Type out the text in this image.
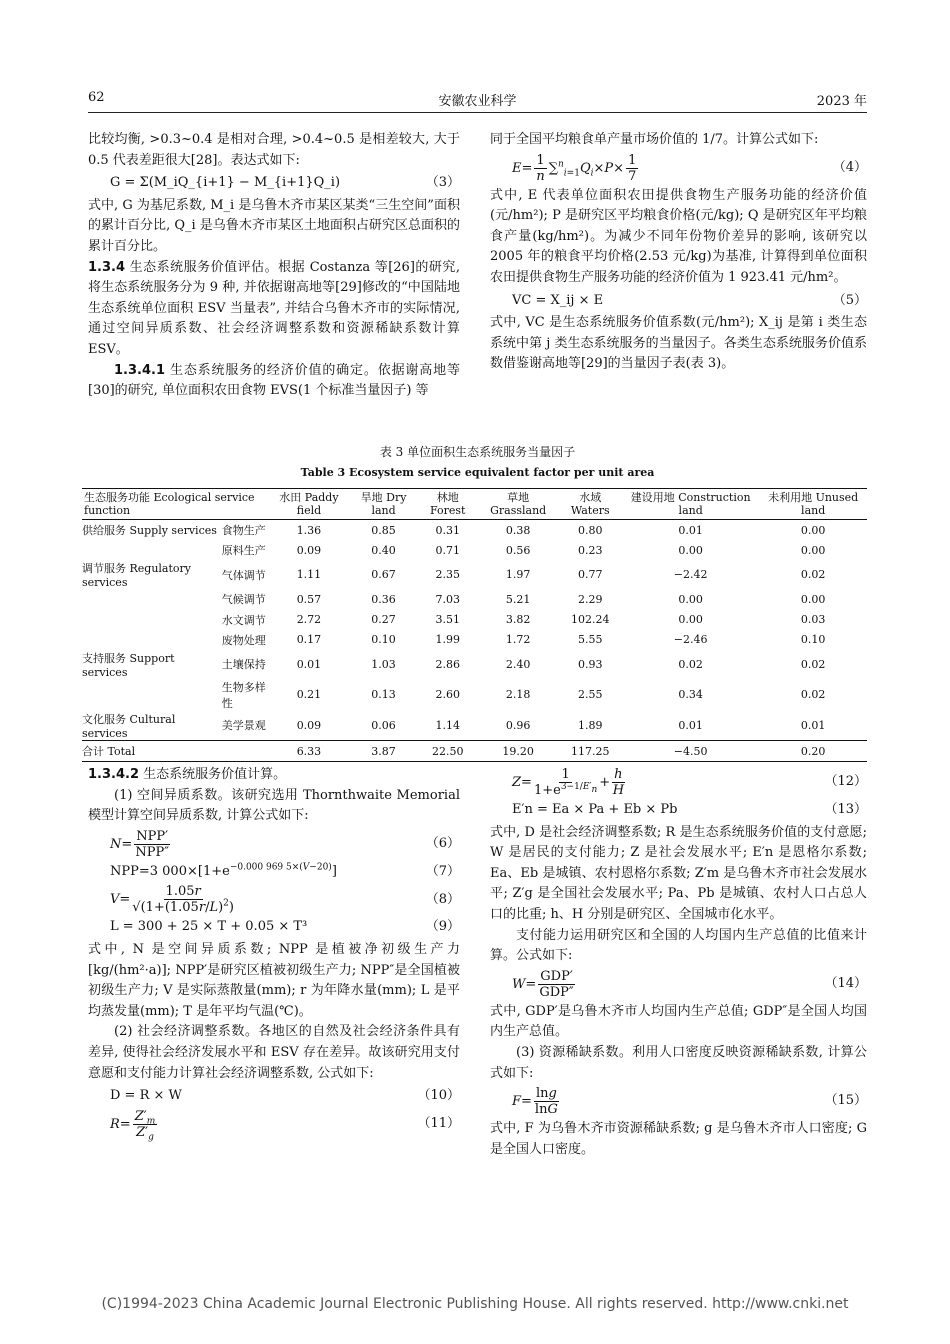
62	安徽农业科学	2023 年

比较均衡, >0.3~0.4 是相对合理, >0.4~0.5 是相差较大, 大于 0.5 代表差距很大[28]。表达式如下:

G = Σ(M_iQ_{i+1} − M_{i+1}Q_i)	（3）

式中, G 为基尼系数, M_i 是乌鲁木齐市某区某类“三生空间”面积的累计百分比, Q_i 是乌鲁木齐市某区土地面积占研究区总面积的累计百分比。

1.3.4 生态系统服务价值评估。根据 Costanza 等[26]的研究, 将生态系统服务分为 9 种, 并依据谢高地等[29]修改的“中国陆地生态系统单位面积 ESV 当量表”, 并结合乌鲁木齐市的实际情况, 通过空间异质系数、社会经济调整系数和资源稀缺系数计算 ESV。

1.3.4.1 生态系统服务的经济价值的确定。依据谢高地等[30]的研究, 单位面积农田食物 EVS(1 个标准当量因子) 等

同于全国平均粮食单产量市场价值的 1/7。计算公式如下:

$E= \frac{1}{n} \sum^n_{i=1}Q_i\times P\times \frac{1}{7}$	（4）

式中, E 代表单位面积农田提供食物生产服务功能的经济价值(元/hm²); P 是研究区平均粮食价格(元/kg); Q 是研究区年平均粮食产量(kg/hm²)。为减少不同年份物价差异的影响, 该研究以 2005 年的粮食平均价格(2.53 元/kg)为基准, 计算得到单位面积农田提供食物生产服务功能的经济价值为 1 923.41 元/hm²。

VC = X_ij × E	（5）

式中, VC 是生态系统服务价值系数(元/hm²); X_ij 是第 i 类生态系统中第 j 类生态系统服务的当量因子。各类生态系统服务价值系数借鉴谢高地等[29]的当量因子表(表 3)。

表 3 单位面积生态系统服务当量因子
Table 3 Ecosystem service equivalent factor per unit area
生态服务功能 Ecological service function		水田 Paddy field	旱地 Dry land	林地 Forest	草地 Grassland	水域 Waters	建设用地 Construction land	未利用地 Unused land
供给服务 Supply services	食物生产	1.36	0.85	0.31	0.38	0.80	0.01	0.00
	原料生产	0.09	0.40	0.71	0.56	0.23	0.00	0.00
调节服务 Regulatory services	气体调节	1.11	0.67	2.35	1.97	0.77	−2.42	0.02
	气候调节	0.57	0.36	7.03	5.21	2.29	0.00	0.00
	水文调节	2.72	0.27	3.51	3.82	102.24	0.00	0.03
	废物处理	0.17	0.10	1.99	1.72	5.55	−2.46	0.10
支持服务 Support services	土壤保持	0.01	1.03	2.86	2.40	0.93	0.02	0.02
	生物多样性	0.21	0.13	2.60	2.18	2.55	0.34	0.02
文化服务 Cultural services	美学景观	0.09	0.06	1.14	0.96	1.89	0.01	0.01
合计 Total		6.33	3.87	22.50	19.20	117.25	−4.50	0.20

1.3.4.2 生态系统服务价值计算。

(1) 空间异质系数。该研究选用 Thornthwaite Memorial 模型计算空间异质系数, 计算公式如下:

$N= \frac{\text{NPP′}}{\text{NPP″}}$	（6）
NPP=3 $000\times[1+e^{-0.000 969 5\times(V-20)}]$	（7）
$V= \frac{1.05r}{√(1+(1.05r/L)^2)}$	（8）
L = 300 + 25 × T + 0.05 × T³	（9）

式中, N 是空间异质系数; NPP 是植被净初级生产力[kg/(hm²·a)]; NPP′是研究区植被初级生产力; NPP″是全国植被初级生产力; V 是实际蒸散量(mm); r 为年降水量(mm); L 是平均蒸发量(mm); T 是年平均气温(℃)。

(2) 社会经济调整系数。各地区的自然及社会经济条件具有差异, 使得社会经济发展水平和 ESV 存在差异。故该研究用支付意愿和支付能力计算社会经济调整系数, 公式如下:

D = R × W	（10）
$R= \frac{Z'_m}{Z'_g}$	（11）
$Z= \frac{1}{1+e^{3-1/E'_n}} + \frac{h}{H}$	（12）
E′n = Ea × Pa + Eb × Pb	（13）

式中, D 是社会经济调整系数; R 是生态系统服务价值的支付意愿; W 是居民的支付能力; Z 是社会发展水平; E′n 是恩格尔系数; Ea、Eb 是城镇、农村恩格尔系数; Z′m 是乌鲁木齐市社会发展水平; Z′g 是全国社会发展水平; Pa、Pb 是城镇、农村人口占总人口的比重; h、H 分别是研究区、全国城市化水平。

支付能力运用研究区和全国的人均国内生产总值的比值来计算。公式如下:

$W= \frac{\text{GDP′}}{\text{GDP″}}$	（14）

式中, GDP′是乌鲁木齐市人均国内生产总值; GDP″是全国人均国内生产总值。

(3) 资源稀缺系数。利用人口密度反映资源稀缺系数, 计算公式如下:

$F= \frac{\ln g}{\ln G}$	（15）

式中, F 为乌鲁木齐市资源稀缺系数; g 是乌鲁木齐市人口密度; G 是全国人口密度。

(C)1994-2023 China Academic Journal Electronic Publishing House. All rights reserved. http://www.cnki.net
